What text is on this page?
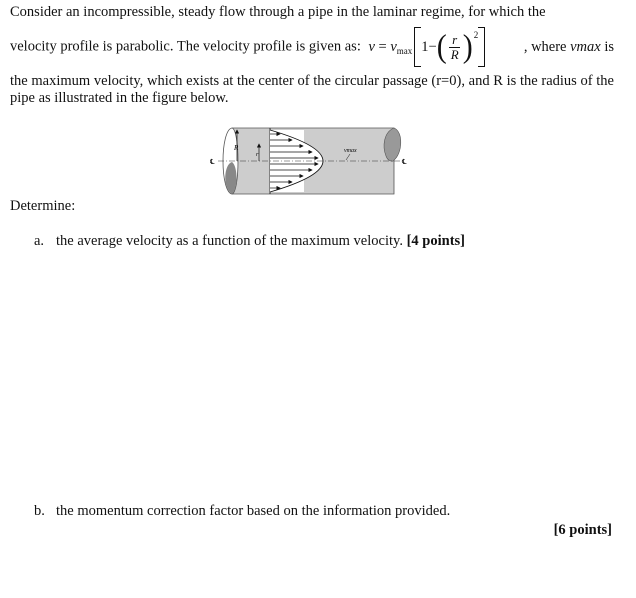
Consider an incompressible, steady flow through a pipe in the laminar regime, for which the
velocity profile is parabolic. The velocity profile is given as: v
=
$v_{max}$ 1− ( $\frac{r}{R} )^2$
, where vmax is
the maximum velocity, which exists at the center of the circular passage (r=0), and R is the radius of the pipe as illustrated in the figure below.
R
r
vmax
℄	℄
Determine:
a. the average velocity as a function of the maximum velocity. [4 points]
b. the momentum correction factor based on the information provided.
[6 points]
